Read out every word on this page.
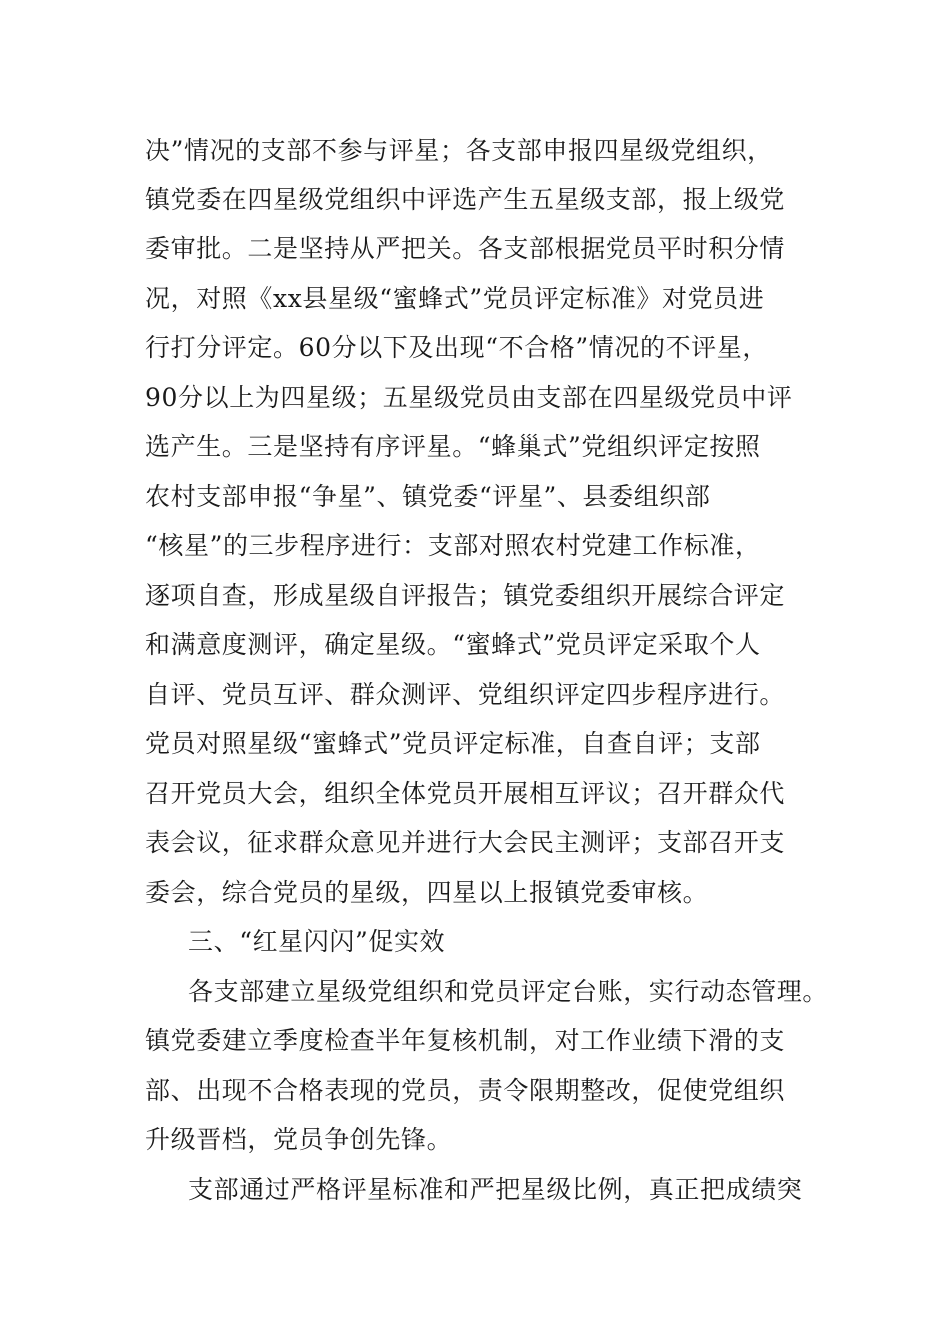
决”情况的支部不参与评星；各支部申报四星级党组织，
镇党委在四星级党组织中评选产生五星级支部，报上级党
委审批。二是坚持从严把关。各支部根据党员平时积分情
况，对照《xx县星级“蜜蜂式”党员评定标准》对党员进
行打分评定。60分以下及出现“不合格”情况的不评星，
90分以上为四星级；五星级党员由支部在四星级党员中评
选产生。三是坚持有序评星。“蜂巢式”党组织评定按照
农村支部申报“争星”、镇党委“评星”、县委组织部
“核星”的三步程序进行：支部对照农村党建工作标准，
逐项自查，形成星级自评报告；镇党委组织开展综合评定
和满意度测评，确定星级。“蜜蜂式”党员评定采取个人
自评、党员互评、群众测评、党组织评定四步程序进行。
党员对照星级“蜜蜂式”党员评定标准，自查自评；支部
召开党员大会，组织全体党员开展相互评议；召开群众代
表会议，征求群众意见并进行大会民主测评；支部召开支
委会，综合党员的星级，四星以上报镇党委审核。
三、“红星闪闪”促实效
各支部建立星级党组织和党员评定台账，实行动态管理。
镇党委建立季度检查半年复核机制，对工作业绩下滑的支
部、出现不合格表现的党员，责令限期整改，促使党组织
升级晋档，党员争创先锋。
支部通过严格评星标准和严把星级比例，真正把成绩突
